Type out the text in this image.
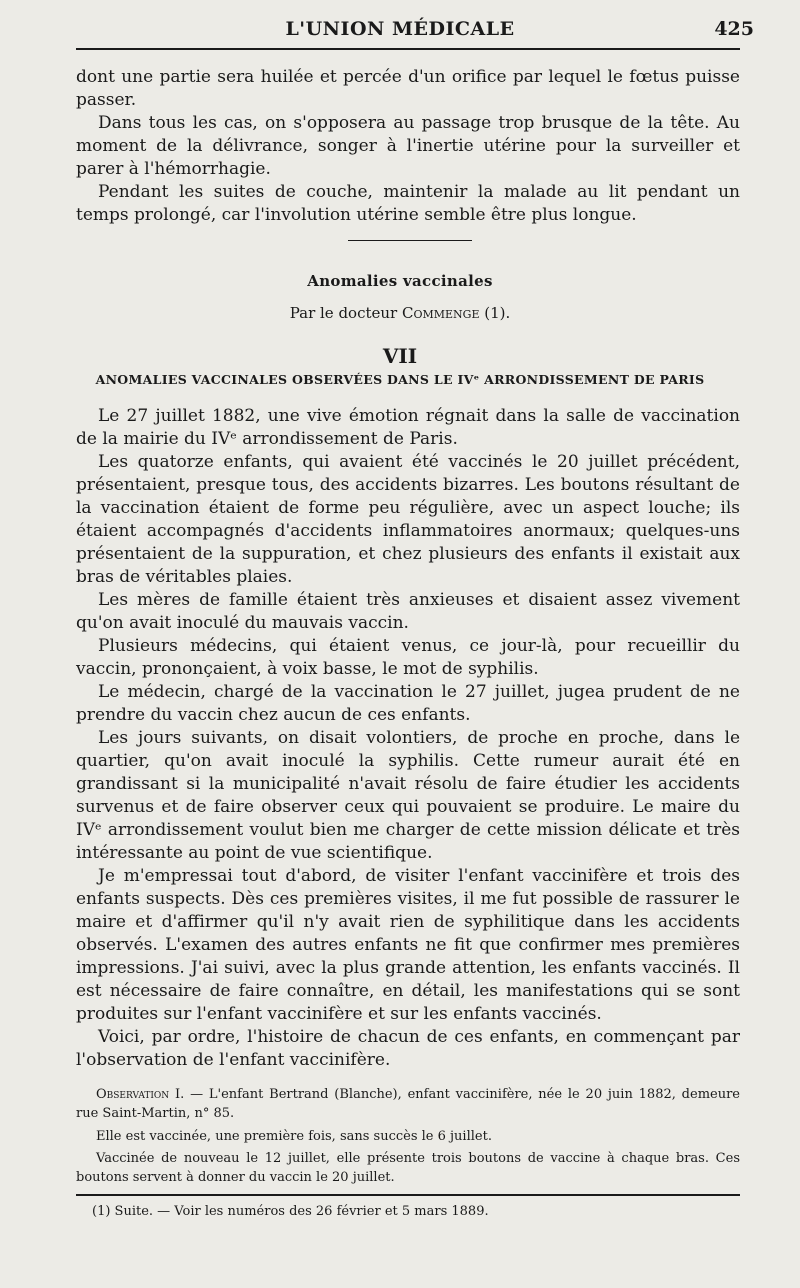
L'UNION MÉDICALE	425
dont une partie sera huilée et percée d'un orifice par lequel le fœtus puisse passer.
Dans tous les cas, on s'opposera au passage trop brusque de la tête. Au moment de la délivrance, songer à l'inertie utérine pour la surveiller et parer à l'hémorrhagie.
Pendant les suites de couche, maintenir la malade au lit pendant un temps prolongé, car l'involution utérine semble être plus longue.
Anomalies vaccinales
Par le docteur Commenge (1).
VII
ANOMALIES VACCINALES OBSERVÉES DANS LE IVᵉ ARRONDISSEMENT DE PARIS
Le 27 juillet 1882, une vive émotion régnait dans la salle de vaccination de la mairie du IVᵉ arrondissement de Paris.
Les quatorze enfants, qui avaient été vaccinés le 20 juillet précédent, présentaient, presque tous, des accidents bizarres. Les boutons résultant de la vaccination étaient de forme peu régulière, avec un aspect louche; ils étaient accompagnés d'accidents inflammatoires anormaux; quelques-uns présentaient de la suppuration, et chez plusieurs des enfants il existait aux bras de véritables plaies.
Les mères de famille étaient très anxieuses et disaient assez vivement qu'on avait inoculé du mauvais vaccin.
Plusieurs médecins, qui étaient venus, ce jour-là, pour recueillir du vaccin, prononçaient, à voix basse, le mot de syphilis.
Le médecin, chargé de la vaccination le 27 juillet, jugea prudent de ne prendre du vaccin chez aucun de ces enfants.
Les jours suivants, on disait volontiers, de proche en proche, dans le quartier, qu'on avait inoculé la syphilis. Cette rumeur aurait été en grandissant si la municipalité n'avait résolu de faire étudier les accidents survenus et de faire observer ceux qui pouvaient se produire. Le maire du IVᵉ arrondissement voulut bien me charger de cette mission délicate et très intéressante au point de vue scientifique.
Je m'empressai tout d'abord, de visiter l'enfant vaccinifère et trois des enfants suspects. Dès ces premières visites, il me fut possible de rassurer le maire et d'affirmer qu'il n'y avait rien de syphilitique dans les accidents observés. L'examen des autres enfants ne fit que confirmer mes premières impressions. J'ai suivi, avec la plus grande attention, les enfants vaccinés. Il est nécessaire de faire connaître, en détail, les manifestations qui se sont produites sur l'enfant vaccinifère et sur les enfants vaccinés.
Voici, par ordre, l'histoire de chacun de ces enfants, en commençant par l'observation de l'enfant vaccinifère.
Observation I. — L'enfant Bertrand (Blanche), enfant vaccinifère, née le 20 juin 1882, demeure rue Saint-Martin, n° 85.
Elle est vaccinée, une première fois, sans succès le 6 juillet.
Vaccinée de nouveau le 12 juillet, elle présente trois boutons de vaccine à chaque bras. Ces boutons servent à donner du vaccin le 20 juillet.
(1) Suite. — Voir les numéros des 26 février et 5 mars 1889.
